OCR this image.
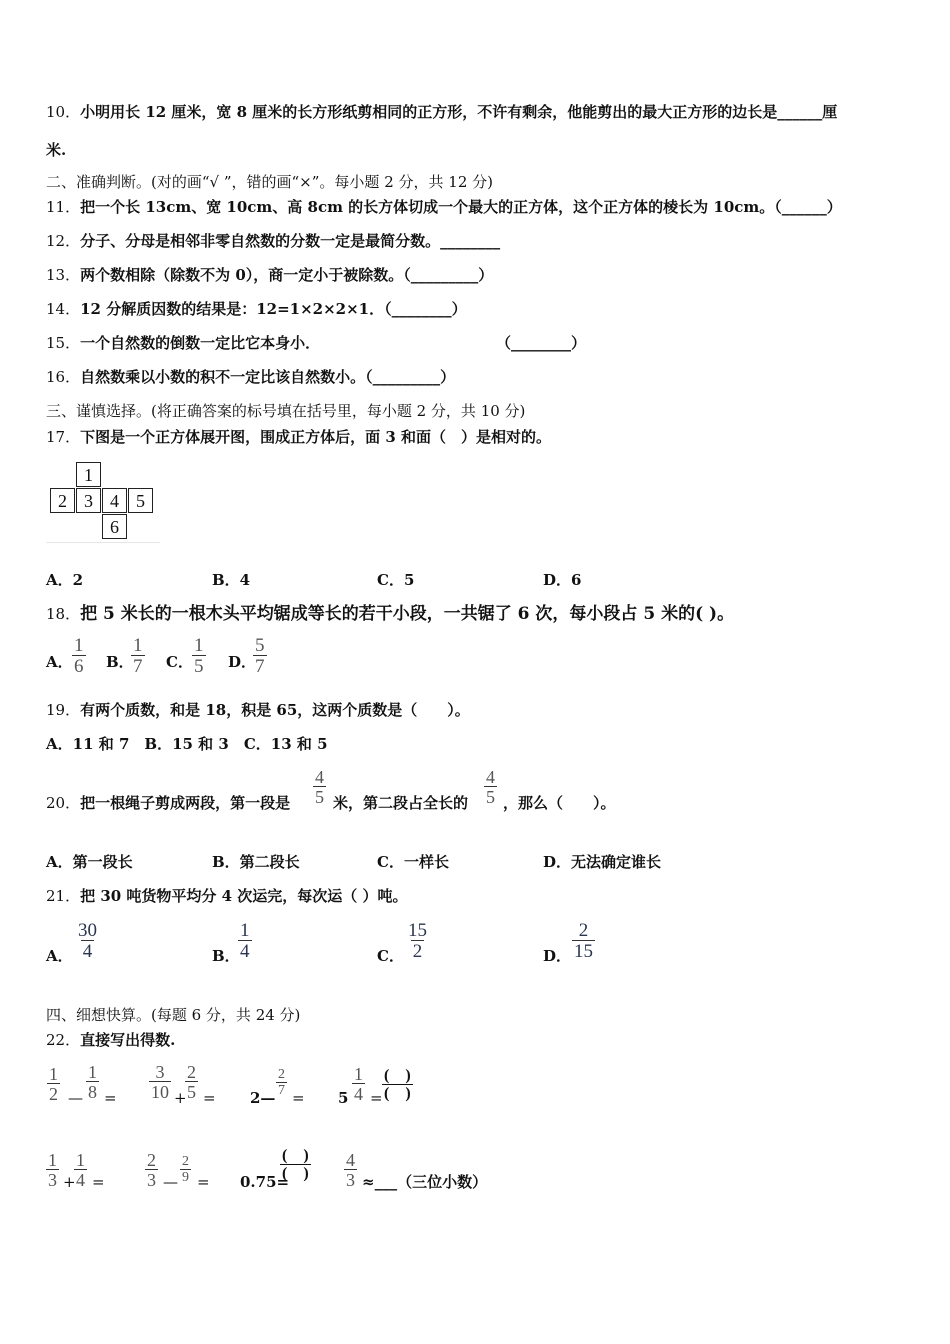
10．小明用长 12 厘米，宽 8 厘米的长方形纸剪相同的正方形，不许有剩余，他能剪出的最大正方形的边长是______厘
米.
二、准确判断。(对的画“√ ”，错的画“×”。每小题 2 分，共 12 分)
11．把一个长 13cm、宽 10cm、高 8cm 的长方体切成一个最大的正方体，这个正方体的棱长为 10cm。（______）
12．分子、分母是相邻非零自然数的分数一定是最简分数。________
13．两个数相除（除数不为 0），商一定小于被除数。（_________）
14．12 分解质因数的结果是：12=1×2×2×1．（________）
15．一个自然数的倒数一定比它本身小．	（________）
16．自然数乘以小数的积不一定比该自然数小。（_________）
三、谨慎选择。(将正确答案的标号填在括号里，每小题 2 分，共 10 分)
17．下图是一个正方体展开图，围成正方体后，面 3 和面（　）是相对的。
1
2 3 4 5
6
A．2	B．4	C．5	D．6
18．把 5 米长的一根木头平均锯成等长的若干小段，一共锯了 6 次，每小段占 5 米的( )。
A． $\frac{1}{6}$ B．
$\frac{1}{7}$ C． $\frac{1}{5}$ D．
$\frac{5}{7}$
19．有两个质数，和是 18，积是 65，这两个质数是（　　）。
A．11 和 7　B．15 和 3　C．13 和 5
20．把一根绳子剪成两段，第一段是 $\frac{4}{5}$ 米，第二段占全长的 $\frac{4}{5}$ ，那么（　　）。
A．第一段长	B．第二段长	C．一样长	D．无法确定谁长
21．把 30 吨货物平均分 4 次运完，每次运（ ）吨。
A． $\frac{30}{4}$	B．
$\frac{1}{4}$	C． $\frac{15}{2}$	D． $\frac{2}{15}$
四、细想快算。(每题 6 分，共 24 分)
22．直接写出得数.
$\frac{1}{2}$ — $\frac{1}{8} = \frac{3}{10}$ +
$\frac{2}{5}$ = 2— $\frac{2}{7} = 5 \frac{1}{4}$ =
(　)
(　)
$\frac{1}{3}$ +
$\frac{1}{4} = \frac{2}{3}$ — $\frac{2}{9} = 0.75=$
(　)
(　) $\frac{4}{3}$ ≈___（三位小数）
